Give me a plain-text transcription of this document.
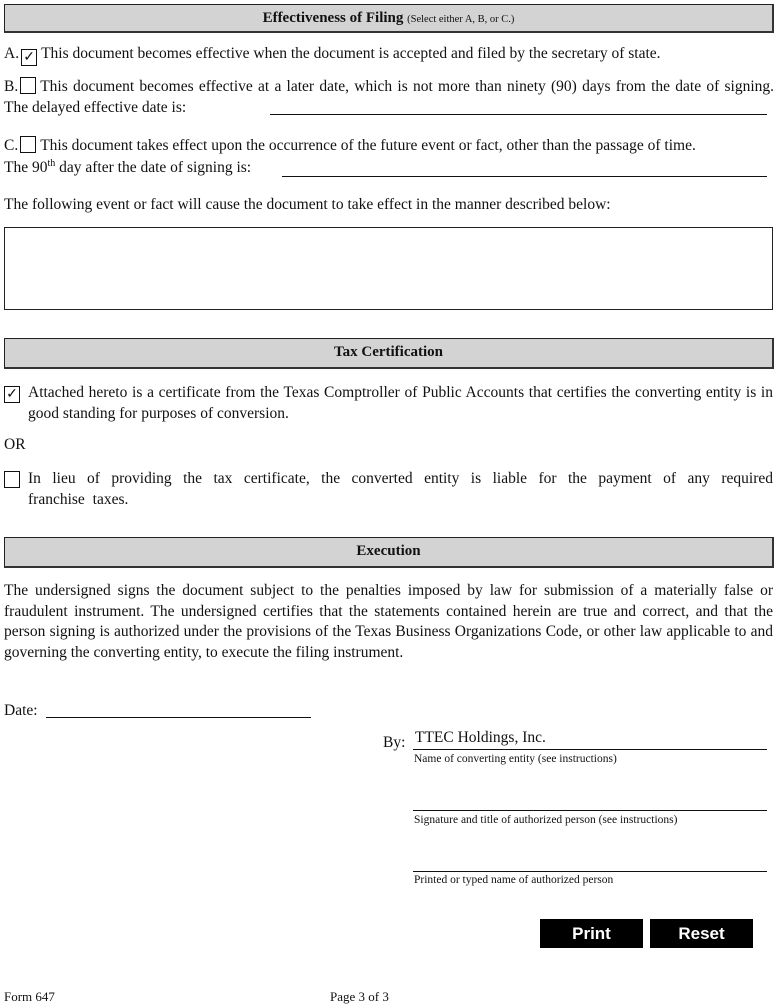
Effectiveness of Filing (Select either A, B, or C.)
A. ✓ This document becomes effective when the document is accepted and filed by the secretary of state.
B. This document becomes effective at a later date, which is not more than ninety (90) days from the date of signing. The delayed effective date is:
C. This document takes effect upon the occurrence of the future event or fact, other than the passage of time.
The 90th day after the date of signing is:
The following event or fact will cause the document to take effect in the manner described below:
Tax Certification
✓ Attached hereto is a certificate from the Texas Comptroller of Public Accounts that certifies the converting entity is in good standing for purposes of conversion.
OR
In lieu of providing the tax certificate, the converted entity is liable for the payment of any required franchise taxes.
Execution
The undersigned signs the document subject to the penalties imposed by law for submission of a materially false or fraudulent instrument. The undersigned certifies that the statements contained herein are true and correct, and that the person signing is authorized under the provisions of the Texas Business Organizations Code, or other law applicable to and governing the converting entity, to execute the filing instrument.
Date:
By: TTEC Holdings, Inc.
Name of converting entity (see instructions)
Signature and title of authorized person (see instructions)
Printed or typed name of authorized person
Print	Reset
Form 647	Page 3 of 3
